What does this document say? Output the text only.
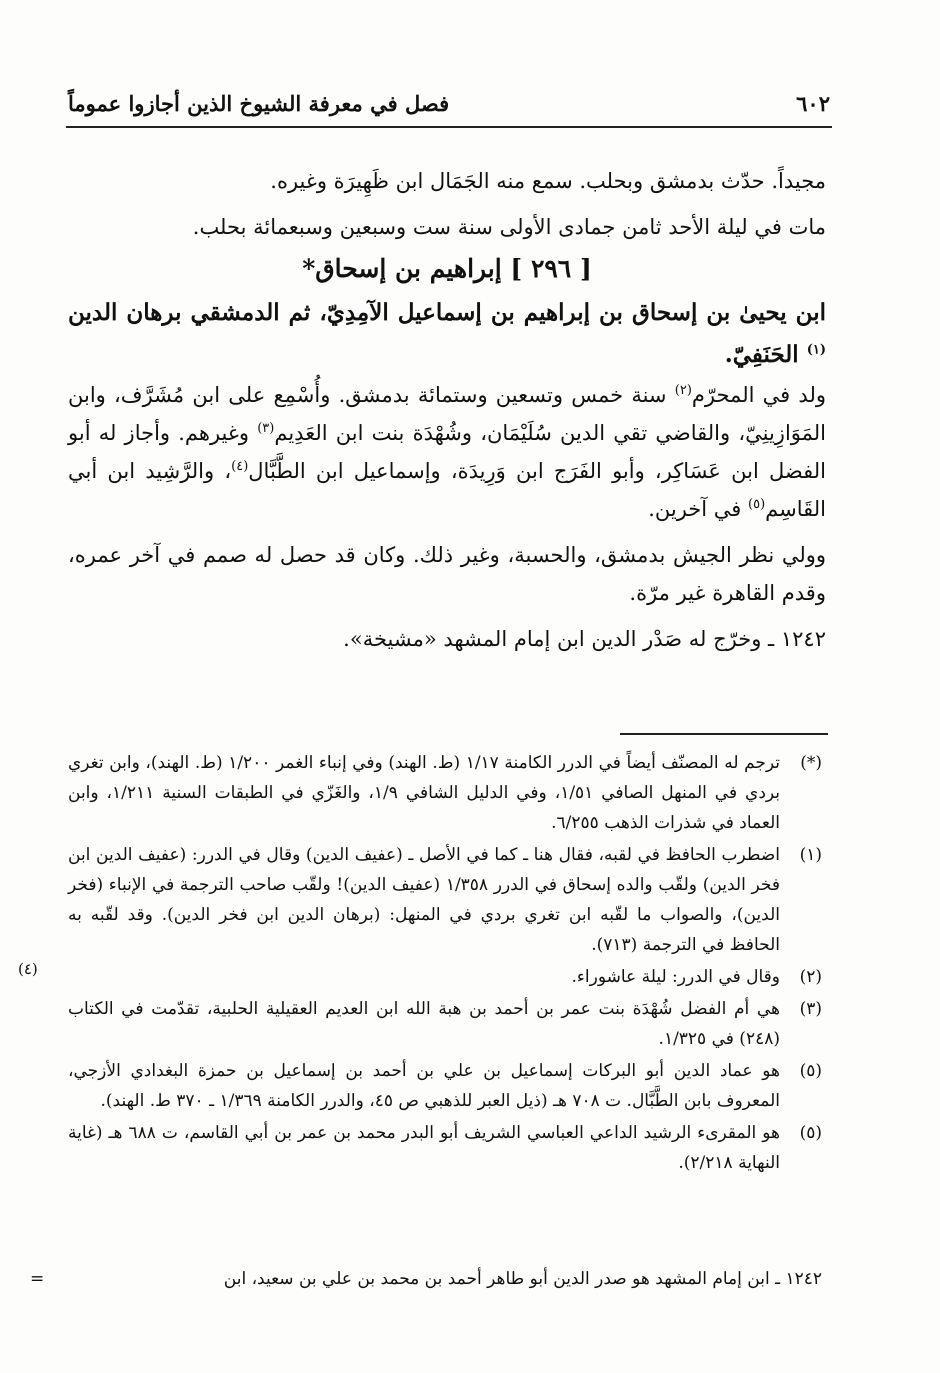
٦٠٢
فصل في معرفة الشيوخ الذين أجازوا عموماً

مجيداً. حدّث بدمشق وبحلب. سمع منه الجَمَال ابن ظَهِيرَة وغيره.

مات في ليلة الأحد ثامن جمادى الأولى سنة ست وسبعين وسبعمائة بحلب.

[ ٢٩٦ ] إبراهيم بن إسحاق*

ابن يحيىٰ بن إسحاق بن إبراهيم بن إسماعيل الآمِدِيّ، ثم الدمشقي برهان الدين $^{(١)}$ الحَنَفِيّ.

ولد في المحرّم$^{(٢)}$ سنة خمس وتسعين وستمائة بدمشق. وأُسْمِع على ابن مُشَرَّف، وابن المَوَازِينِيّ، والقاضي تقي الدين سُلَيْمَان، وشُهْدَة بنت ابن العَدِيم$^{(٣)}$ وغيرهم. وأجاز له أبو الفضل ابن عَسَاكِر، وأبو الفَرَج ابن وَرِيدَة، وإسماعيل ابن الطَّبَّال$^{(٤)}$، والرَّشِيد ابن أبي القَاسِم$^{(٥)}$ في آخرين.

وولي نظر الجيش بدمشق، والحسبة، وغير ذلك. وكان قد حصل له صمم في آخر عمره، وقدم القاهرة غير مرّة.

١٢٤٢ ـ وخرّج له صَدْر الدين ابن إمام المشهد «مشيخة».

(*)
ترجم له المصنّف أيضاً في الدرر الكامنة ١/١٧ (ط. الهند) وفي إنباء الغمر ١/٢٠٠ (ط. الهند)، وابن تغري بردي في المنهل الصافي ١/٥١، وفي الدليل الشافي ١/٩، والغَزّي في الطبقات السنية ١/٢١١، وابن العماد في شذرات الذهب ٦/٢٥٥.
(١)
اضطرب الحافظ في لقبه، فقال هنا ـ كما في الأصل ـ (عفيف الدين) وقال في الدرر: (عفيف الدين ابن فخر الدين) ولقّب والده إسحاق في الدرر ١/٣٥٨ (عفيف الدين)! ولقّب صاحب الترجمة في الإنباء (فخر الدين)، والصواب ما لقّبه ابن تغري بردي في المنهل: (برهان الدين ابن فخر الدين). وقد لقّبه به الحافظ في الترجمة (٧١٣).
(٢)
وقال في الدرر: ليلة عاشوراء.
(٣)
هي أم الفضل شُهْدَة بنت عمر بن أحمد بن هبة الله ابن العديم العقيلية الحلبية، تقدّمت في الكتاب (٢٤٨) في ١/٣٢٥.
(٥)
هو عماد الدين أبو البركات إسماعيل بن علي بن أحمد بن إسماعيل بن حمزة البغدادي الأزجي، المعروف بابن الطَّبَّال. ت ٧٠٨ هـ (ذيل العبر للذهبي ص ٤٥، والدرر الكامنة ١/٣٦٩ ـ ٣٧٠ ط. الهند).
(٥)
هو المقرىء الرشيد الداعي العباسي الشريف أبو البدر محمد بن عمر بن أبي القاسم، ت ٦٨٨ هـ (غاية النهاية ٢/٢١٨).
(٤)
١٢٤٢ ـ ابن إمام المشهد هو صدر الدين أبو طاهر أحمد بن محمد بن علي بن سعيد، ابن
=
